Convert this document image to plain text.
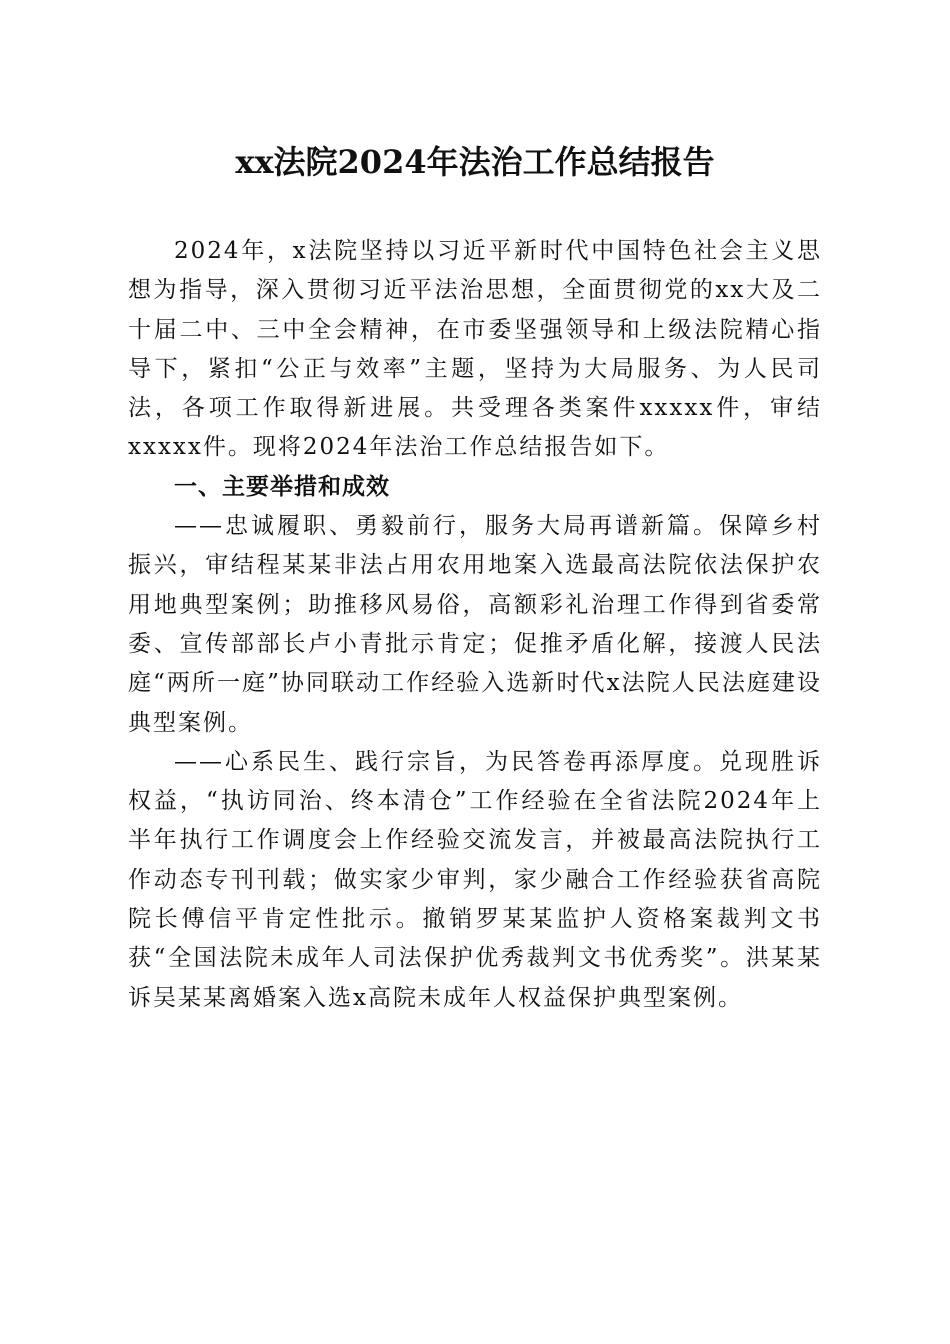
xx法院2024年法治工作总结报告

2024年，x法院坚持以习近平新时代中国特色社会主义思想为指导，深入贯彻习近平法治思想，全面贯彻党的xx大及二十届二中、三中全会精神，在市委坚强领导和上级法院精心指导下，紧扣“公正与效率”主题，坚持为大局服务、为人民司法，各项工作取得新进展。共受理各类案件xxxxx件，审结xxxxx件。现将2024年法治工作总结报告如下。

一、主要举措和成效

——忠诚履职、勇毅前行，服务大局再谱新篇。保障乡村振兴，审结程某某非法占用农用地案入选最高法院依法保护农用地典型案例；助推移风易俗，高额彩礼治理工作得到省委常委、宣传部部长卢小青批示肯定；促推矛盾化解，接渡人民法庭“两所一庭”协同联动工作经验入选新时代x法院人民法庭建设典型案例。

——心系民生、践行宗旨，为民答卷再添厚度。兑现胜诉权益，“执访同治、终本清仓”工作经验在全省法院2024年上半年执行工作调度会上作经验交流发言，并被最高法院执行工作动态专刊刊载；做实家少审判，家少融合工作经验获省高院院长傅信平肯定性批示。撤销罗某某监护人资格案裁判文书获“全国法院未成年人司法保护优秀裁判文书优秀奖”。洪某某诉吴某某离婚案入选x高院未成年人权益保护典型案例。
